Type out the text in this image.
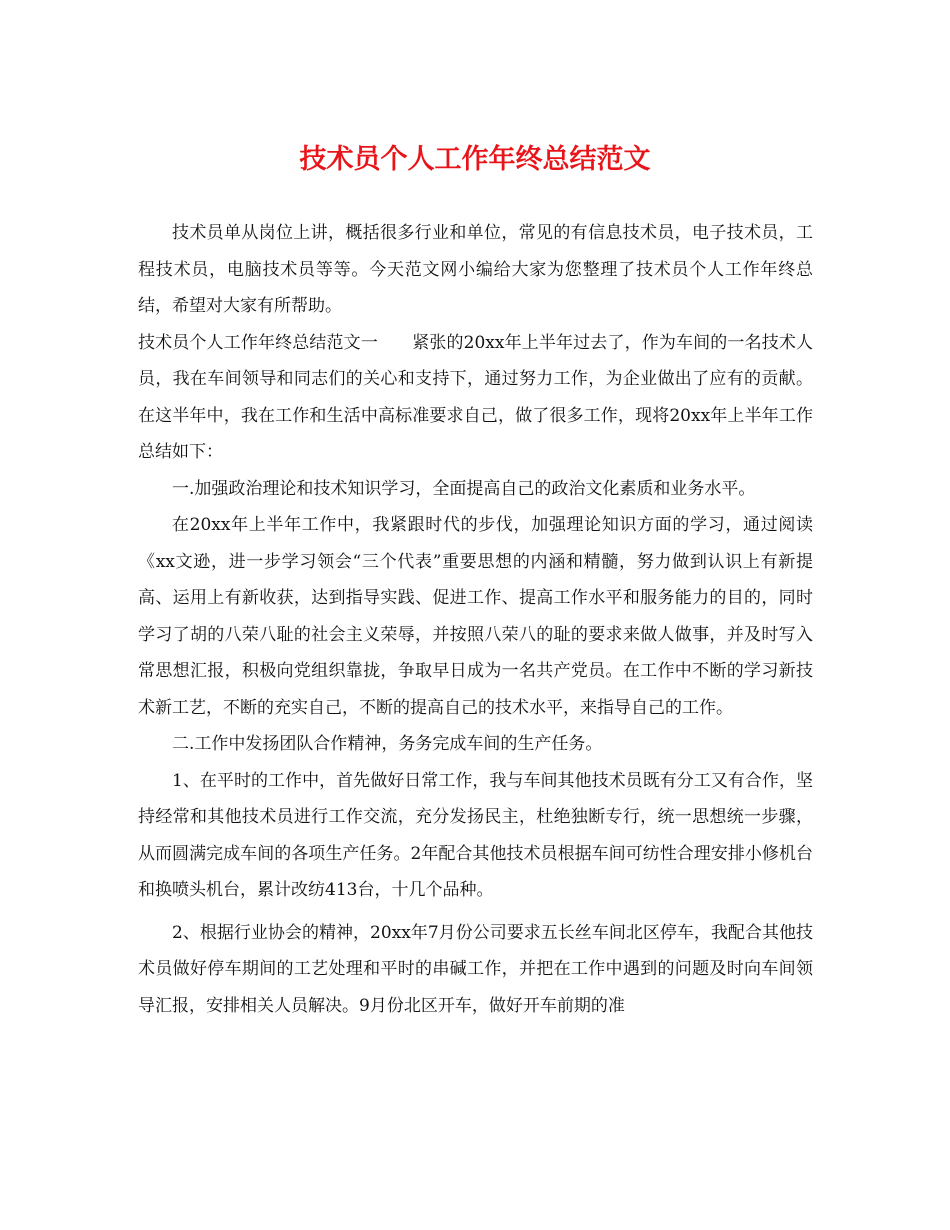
技术员个人工作年终总结范文

技术员单从岗位上讲，概括很多行业和单位，常见的有信息技术员，电子技术员，工程技术员，电脑技术员等等。今天范文网小编给大家为您整理了技术员个人工作年终总结，希望对大家有所帮助。

技术员个人工作年终总结范文一　　紧张的20xx年上半年过去了，作为车间的一名技术人员，我在车间领导和同志们的关心和支持下，通过努力工作，为企业做出了应有的贡献。在这半年中，我在工作和生活中高标准要求自己，做了很多工作，现将20xx年上半年工作总结如下：

一.加强政治理论和技术知识学习，全面提高自己的政治文化素质和业务水平。

在20xx年上半年工作中，我紧跟时代的步伐，加强理论知识方面的学习，通过阅读《xx文逊，进一步学习领会“三个代表”重要思想的内涵和精髓，努力做到认识上有新提高、运用上有新收获，达到指导实践、促进工作、提高工作水平和服务能力的目的，同时学习了胡的八荣八耻的社会主义荣辱，并按照八荣八的耻的要求来做人做事，并及时写入常思想汇报，积极向党组织靠拢，争取早日成为一名共产党员。在工作中不断的学习新技术新工艺，不断的充实自己，不断的提高自己的技术水平，来指导自己的工作。

二.工作中发扬团队合作精神，务务完成车间的生产任务。

1、在平时的工作中，首先做好日常工作，我与车间其他技术员既有分工又有合作，坚持经常和其他技术员进行工作交流，充分发扬民主，杜绝独断专行，统一思想统一步骤，从而圆满完成车间的各项生产任务。2年配合其他技术员根据车间可纺性合理安排小修机台和换喷头机台，累计改纺413台，十几个品种。

2、根据行业协会的精神，20xx年7月份公司要求五长丝车间北区停车，我配合其他技术员做好停车期间的工艺处理和平时的串碱工作，并把在工作中遇到的问题及时向车间领导汇报，安排相关人员解决。9月份北区开车，做好开车前期的准
